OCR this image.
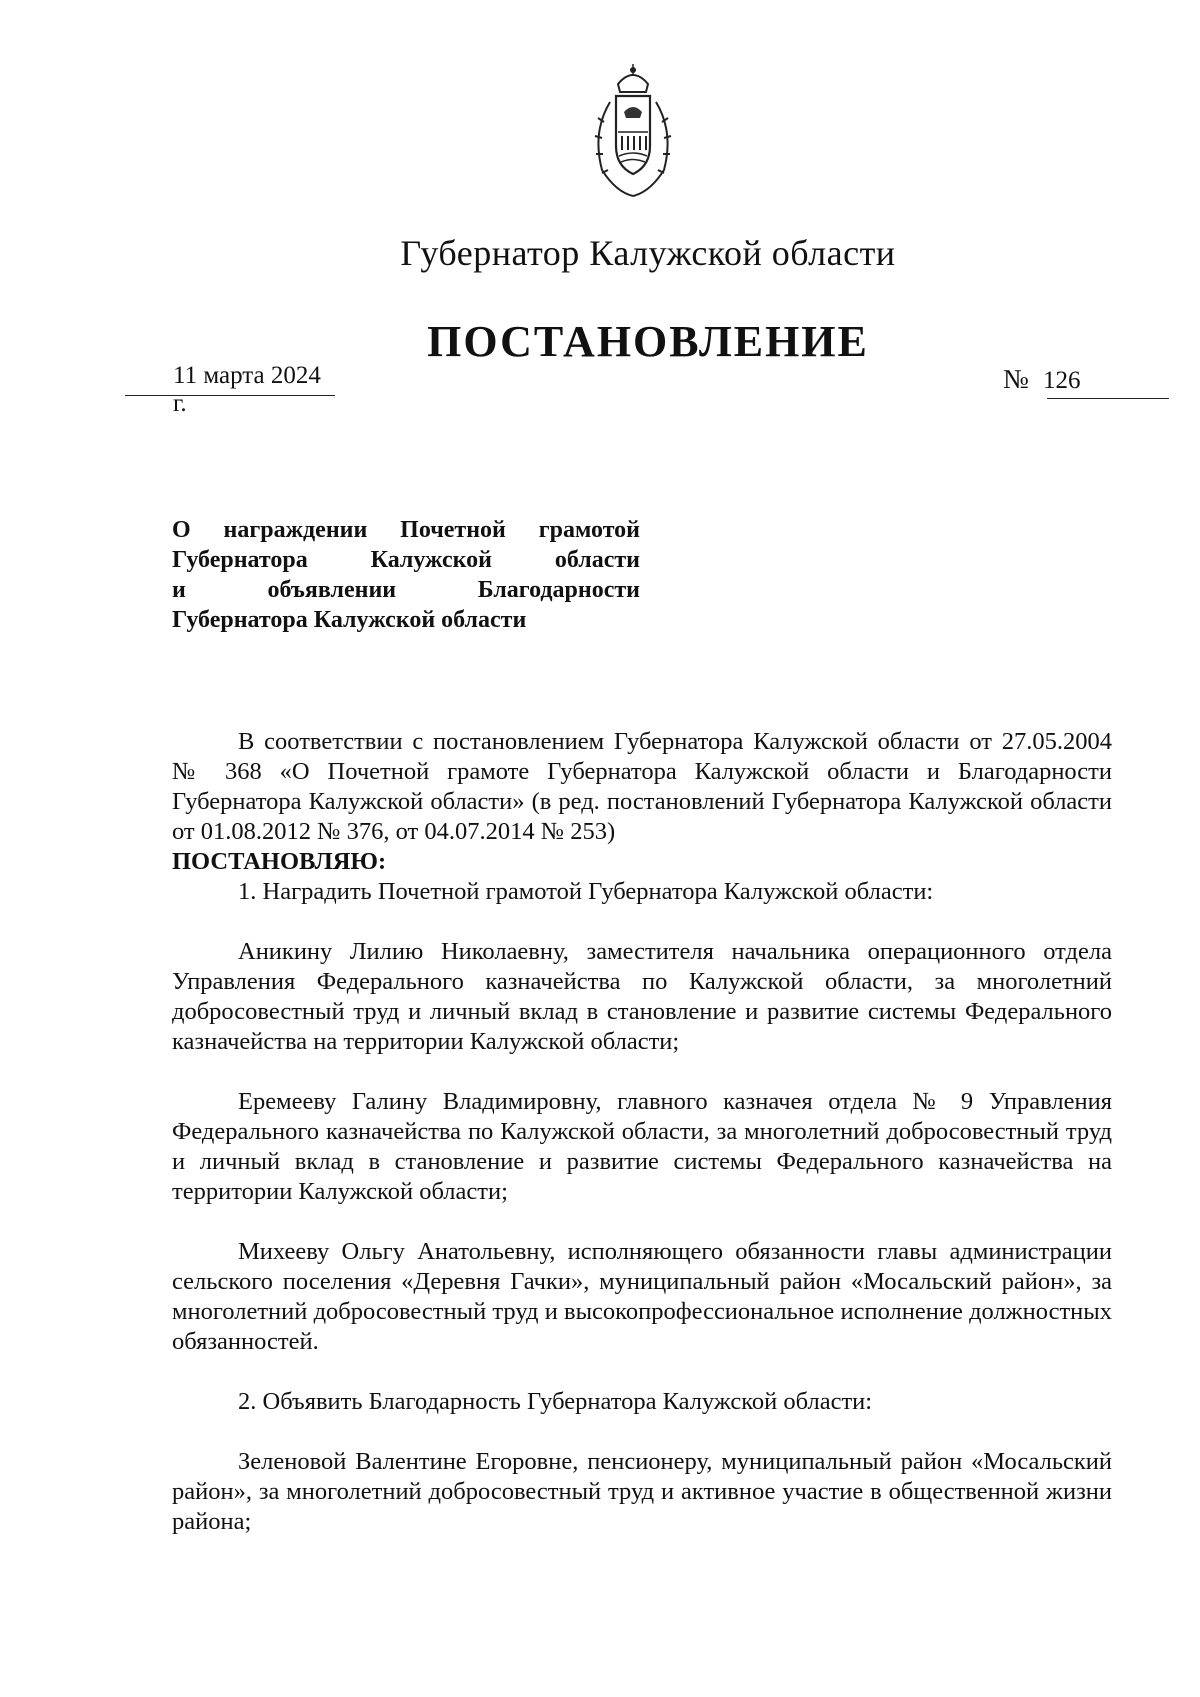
Губернатор Калужской области
ПОСТАНОВЛЕНИЕ
11 марта 2024 г.
№ 126
О награждении Почетной грамотой
Губернатора Калужской области
и объявлении Благодарности
Губернатора Калужской области

В соответствии с постановлением Губернатора Калужской области от 27.05.2004 № 368 «О Почетной грамоте Губернатора Калужской области и Благодарности Губернатора Калужской области» (в ред. постановлений Губернатора Калужской области от 01.08.2012 № 376, от 04.07.2014 № 253)

ПОСТАНОВЛЯЮ:

1. Наградить Почетной грамотой Губернатора Калужской области:

Аникину Лилию Николаевну, заместителя начальника операционного отдела Управления Федерального казначейства по Калужской области, за многолетний добросовестный труд и личный вклад в становление и развитие системы Федерального казначейства на территории Калужской области;

Еремееву Галину Владимировну, главного казначея отдела № 9 Управления Федерального казначейства по Калужской области, за многолетний добросовестный труд и личный вклад в становление и развитие системы Федерального казначейства на территории Калужской области;

Михееву Ольгу Анатольевну, исполняющего обязанности главы администрации сельского поселения «Деревня Гачки», муниципальный район «Мосальский район», за многолетний добросовестный труд и высокопрофессиональное исполнение должностных обязанностей.

2. Объявить Благодарность Губернатора Калужской области:

Зеленовой Валентине Егоровне, пенсионеру, муниципальный район «Мосальский район», за многолетний добросовестный труд и активное участие в общественной жизни района;
